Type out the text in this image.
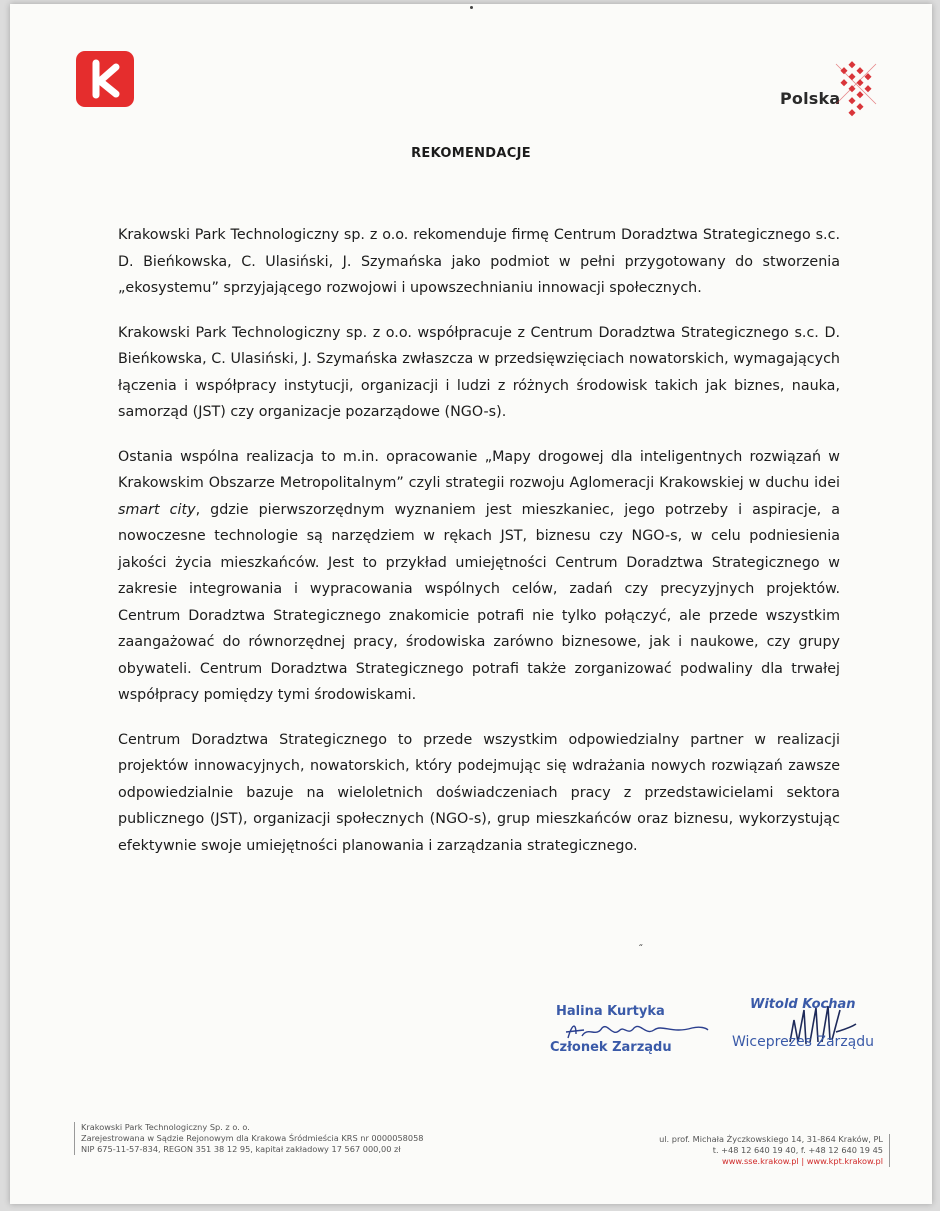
Polska
REKOMENDACJE

Krakowski Park Technologiczny sp. z o.o. rekomenduje firmę Centrum Doradztwa Strategicznego s.c. D. Bieńkowska, C. Ulasiński, J. Szymańska jako podmiot w pełni przygotowany do stworzenia „ekosystemu” sprzyjającego rozwojowi i upowszechnianiu innowacji społecznych.

Krakowski Park Technologiczny sp. z o.o. współpracuje z Centrum Doradztwa Strategicznego s.c. D. Bieńkowska, C. Ulasiński, J. Szymańska zwłaszcza w przedsięwzięciach nowatorskich, wymagających łączenia i współpracy instytucji, organizacji i ludzi z różnych środowisk takich jak biznes, nauka, samorząd (JST) czy organizacje pozarządowe (NGO-s).

Ostania wspólna realizacja to m.in. opracowanie „Mapy drogowej dla inteligentnych rozwiązań w Krakowskim Obszarze Metropolitalnym” czyli strategii rozwoju Aglomeracji Krakowskiej w duchu idei smart city, gdzie pierwszorzędnym wyznaniem jest mieszkaniec, jego potrzeby i aspiracje, a nowoczesne technologie są narzędziem w rękach JST, biznesu czy NGO-s, w celu podniesienia jakości życia mieszkańców. Jest to przykład umiejętności Centrum Doradztwa Strategicznego w zakresie integrowania i wypracowania wspólnych celów, zadań czy precyzyjnych projektów. Centrum Doradztwa Strategicznego znakomicie potrafi nie tylko połączyć, ale przede wszystkim zaangażować do równorzędnej pracy, środowiska zarówno biznesowe, jak i naukowe, czy grupy obywateli. Centrum Doradztwa Strategicznego potrafi także zorganizować podwaliny dla trwałej współpracy pomiędzy tymi środowiskami.

Centrum Doradztwa Strategicznego to przede wszystkim odpowiedzialny partner w realizacji projektów innowacyjnych, nowatorskich, który podejmując się wdrażania nowych rozwiązań zawsze odpowiedzialnie bazuje na wieloletnich doświadczeniach pracy z przedstawicielami sektora publicznego (JST), organizacji społecznych (NGO-s), grup mieszkańców oraz biznesu, wykorzystując efektywnie swoje umiejętności planowania i zarządzania strategicznego.

˝
Halina Kurtyka
Członek Zarządu
Witold Kochan
Wiceprezes Zarządu
Krakowski Park Technologiczny Sp. z o. o.
Zarejestrowana w Sądzie Rejonowym dla Krakowa Śródmieścia KRS nr 0000058058
NIP 675-11-57-834, REGON 351 38 12 95, kapitał zakładowy 17 567 000,00 zł
ul. prof. Michała Życzkowskiego 14, 31-864 Kraków, PL
t. +48 12 640 19 40, f. +48 12 640 19 45
www.sse.krakow.pl | www.kpt.krakow.pl
